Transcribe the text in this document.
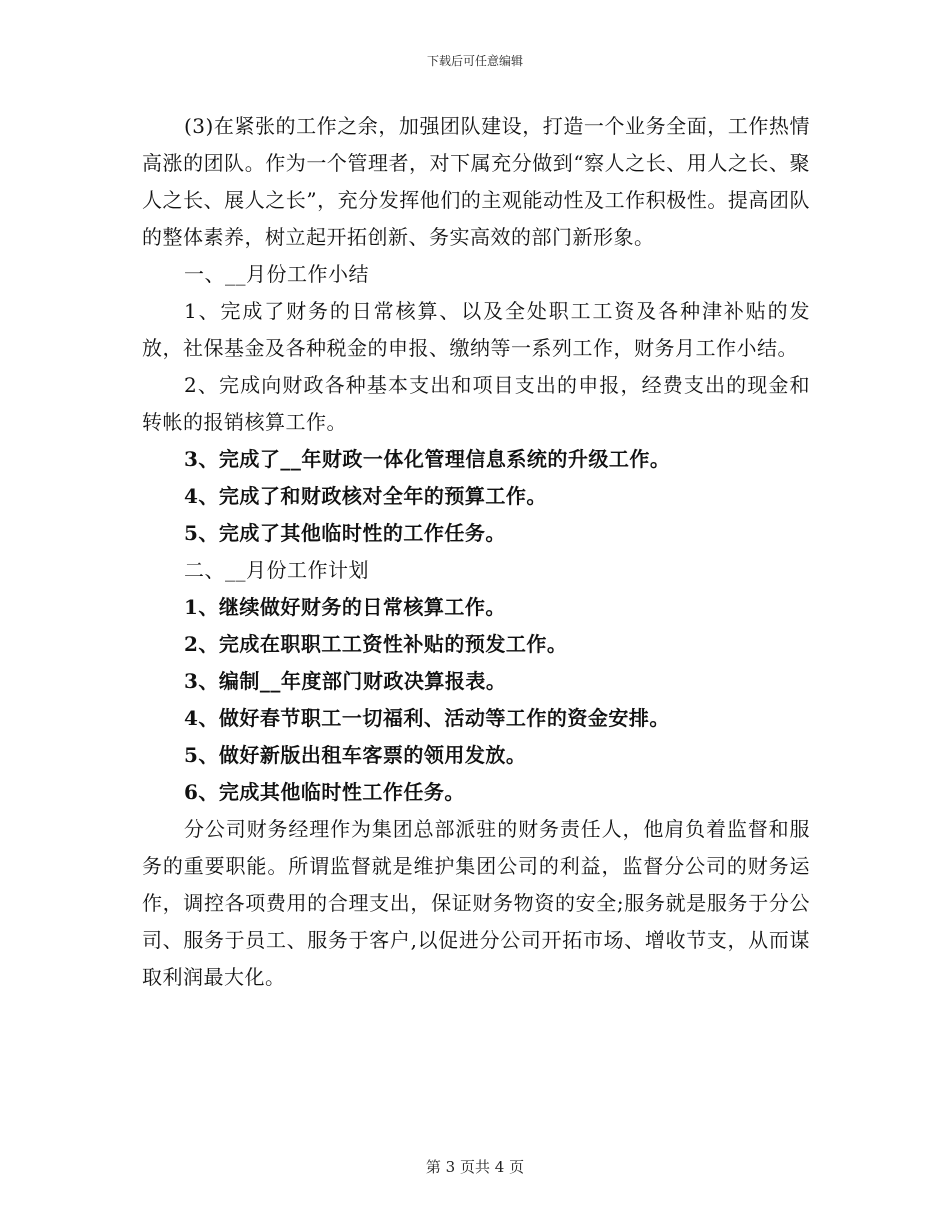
下载后可任意编辑

(3)在紧张的工作之余，加强团队建设，打造一个业务全面，工作热情高涨的团队。作为一个管理者，对下属充分做到“察人之长、用人之长、聚人之长、展人之长”，充分发挥他们的主观能动性及工作积极性。提高团队的整体素养，树立起开拓创新、务实高效的部门新形象。

一、__月份工作小结

1、完成了财务的日常核算、以及全处职工工资及各种津补贴的发放，社保基金及各种税金的申报、缴纳等一系列工作，财务月工作小结。

2、完成向财政各种基本支出和项目支出的申报，经费支出的现金和转帐的报销核算工作。

3、完成了__年财政一体化管理信息系统的升级工作。

4、完成了和财政核对全年的预算工作。

5、完成了其他临时性的工作任务。

二、__月份工作计划

1、继续做好财务的日常核算工作。

2、完成在职职工工资性补贴的预发工作。

3、编制__年度部门财政决算报表。

4、做好春节职工一切福利、活动等工作的资金安排。

5、做好新版出租车客票的领用发放。

6、完成其他临时性工作任务。

分公司财务经理作为集团总部派驻的财务责任人，他肩负着监督和服务的重要职能。所谓监督就是维护集团公司的利益，监督分公司的财务运作，调控各项费用的合理支出，保证财务物资的安全;服务就是服务于分公司、服务于员工、服务于客户,以促进分公司开拓市场、增收节支，从而谋取利润最大化。

第 3 页共 4 页
